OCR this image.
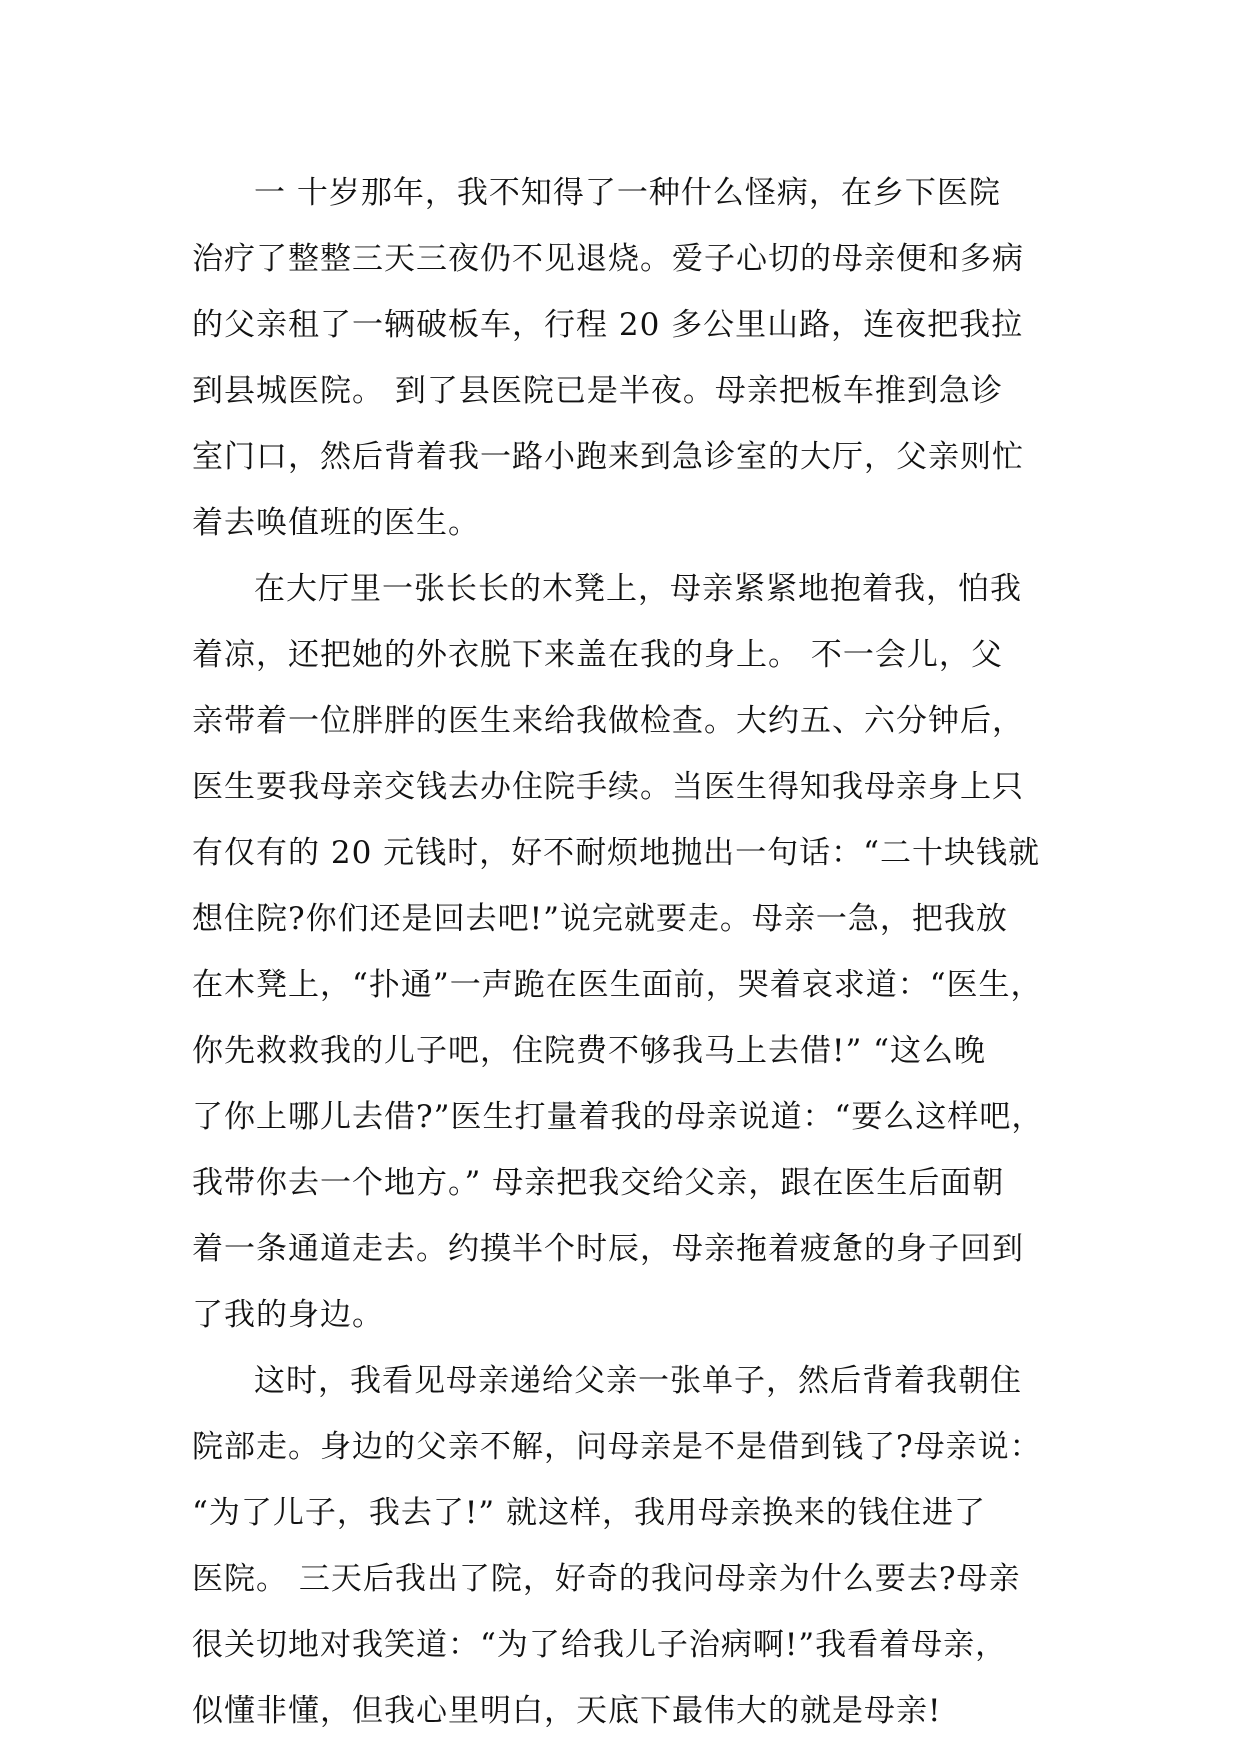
一 十岁那年，我不知得了一种什么怪病，在乡下医院
治疗了整整三天三夜仍不见退烧。爱子心切的母亲便和多病
的父亲租了一辆破板车，行程 20 多公里山路，连夜把我拉
到县城医院。 到了县医院已是半夜。母亲把板车推到急诊
室门口，然后背着我一路小跑来到急诊室的大厅，父亲则忙
着去唤值班的医生。
在大厅里一张长长的木凳上，母亲紧紧地抱着我，怕我
着凉，还把她的外衣脱下来盖在我的身上。 不一会儿，父
亲带着一位胖胖的医生来给我做检查。大约五、六分钟后，
医生要我母亲交钱去办住院手续。当医生得知我母亲身上只
有仅有的 20 元钱时，好不耐烦地抛出一句话：“二十块钱就
想住院?你们还是回去吧!”说完就要走。母亲一急，把我放
在木凳上，“扑通”一声跪在医生面前，哭着哀求道：“医生，
你先救救我的儿子吧，住院费不够我马上去借!” “这么晚
了你上哪儿去借?”医生打量着我的母亲说道：“要么这样吧，
我带你去一个地方。” 母亲把我交给父亲，跟在医生后面朝
着一条通道走去。约摸半个时辰，母亲拖着疲惫的身子回到
了我的身边。
这时，我看见母亲递给父亲一张单子，然后背着我朝住
院部走。身边的父亲不解，问母亲是不是借到钱了?母亲说：
“为了儿子，我去了!” 就这样，我用母亲换来的钱住进了
医院。 三天后我出了院，好奇的我问母亲为什么要去?母亲
很关切地对我笑道：“为了给我儿子治病啊!”我看着母亲，
似懂非懂，但我心里明白，天底下最伟大的就是母亲!
